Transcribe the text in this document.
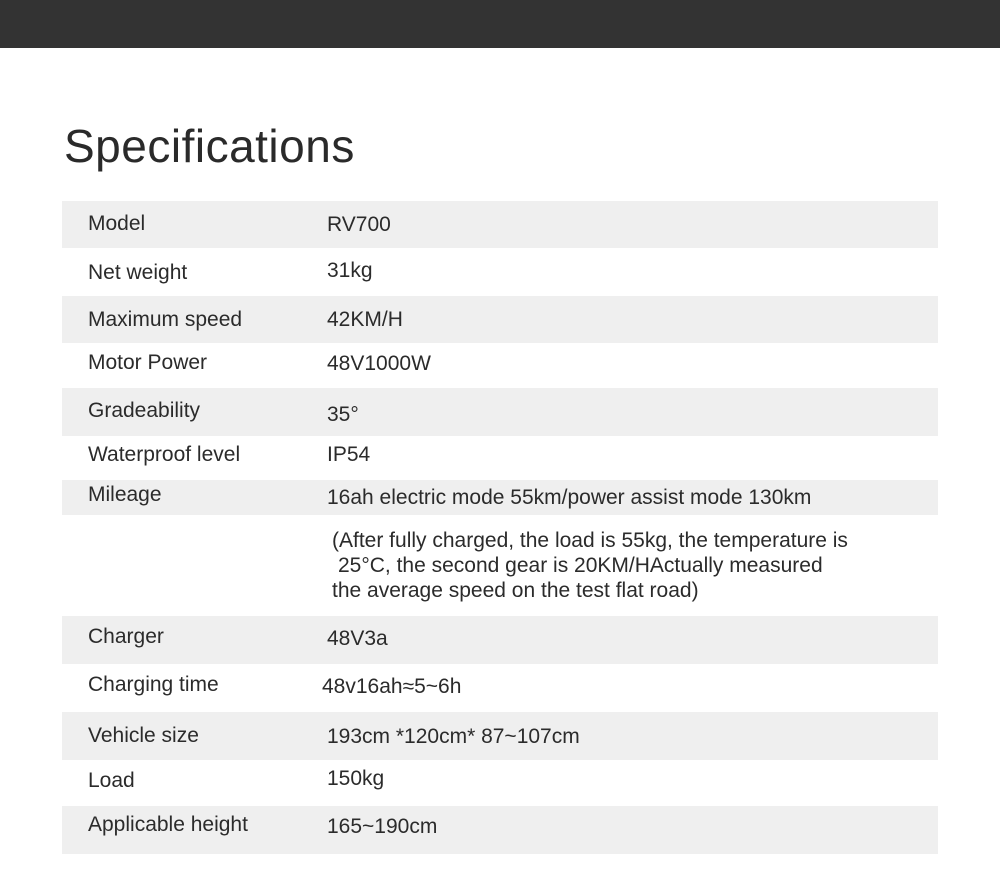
Specifications
Model	RV700
Net weight	31kg
Maximum speed	42KM/H
Motor Power	48V1000W
Gradeability	35°
Waterproof level	IP54
Mileage	16ah electric mode 55km/power assist mode 130km
(After fully charged, the load is 55kg, the temperature is
25°C, the second gear is 20KM/HActually measured
the average speed on the test flat road)
Charger	48V3a
Charging time	48v16ah≈5~6h
Vehicle size	193cm *120cm* 87~107cm
Load	150kg
Applicable height	165~190cm
